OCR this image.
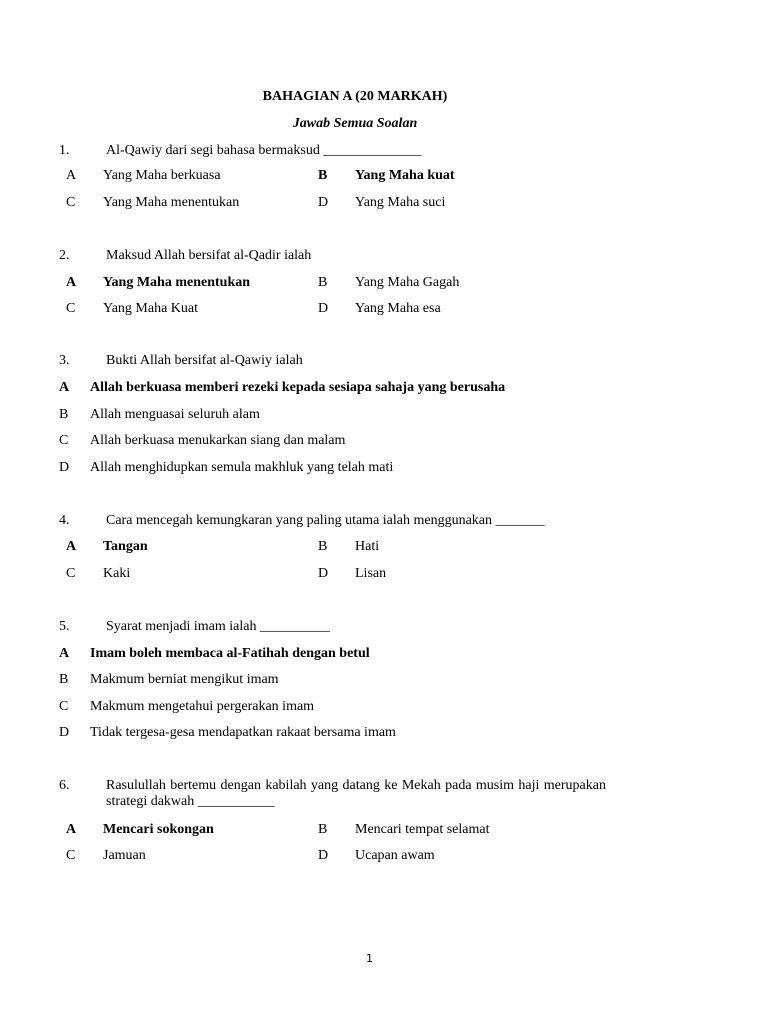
BAHAGIAN A (20 MARKAH)
Jawab Semua Soalan
1.	Al-Qawiy dari segi bahasa bermaksud ______________
A Yang Maha berkuasa	B Yang Maha kuat
C Yang Maha menentukan	D Yang Maha suci
2.	Maksud Allah bersifat al-Qadir ialah
A Yang Maha menentukan	B Yang Maha Gagah
C Yang Maha Kuat	D Yang Maha esa
3.	Bukti Allah bersifat al-Qawiy ialah
A Allah berkuasa memberi rezeki kepada sesiapa sahaja yang berusaha
B Allah menguasai seluruh alam
C Allah berkuasa menukarkan siang dan malam
D Allah menghidupkan semula makhluk yang telah mati
4.	Cara mencegah kemungkaran yang paling utama ialah menggunakan _______
A Tangan	B Hati
C Kaki	D Lisan
5.	Syarat menjadi imam ialah __________
A Imam boleh membaca al-Fatihah dengan betul
B Makmum berniat mengikut imam
C Makmum mengetahui pergerakan imam
D Tidak tergesa-gesa mendapatkan rakaat bersama imam
6.	Rasulullah bertemu dengan kabilah yang datang ke Mekah pada musim haji merupakan strategi dakwah ___________
A Mencari sokongan	B Mencari tempat selamat
C Jamuan	D Ucapan awam
1
